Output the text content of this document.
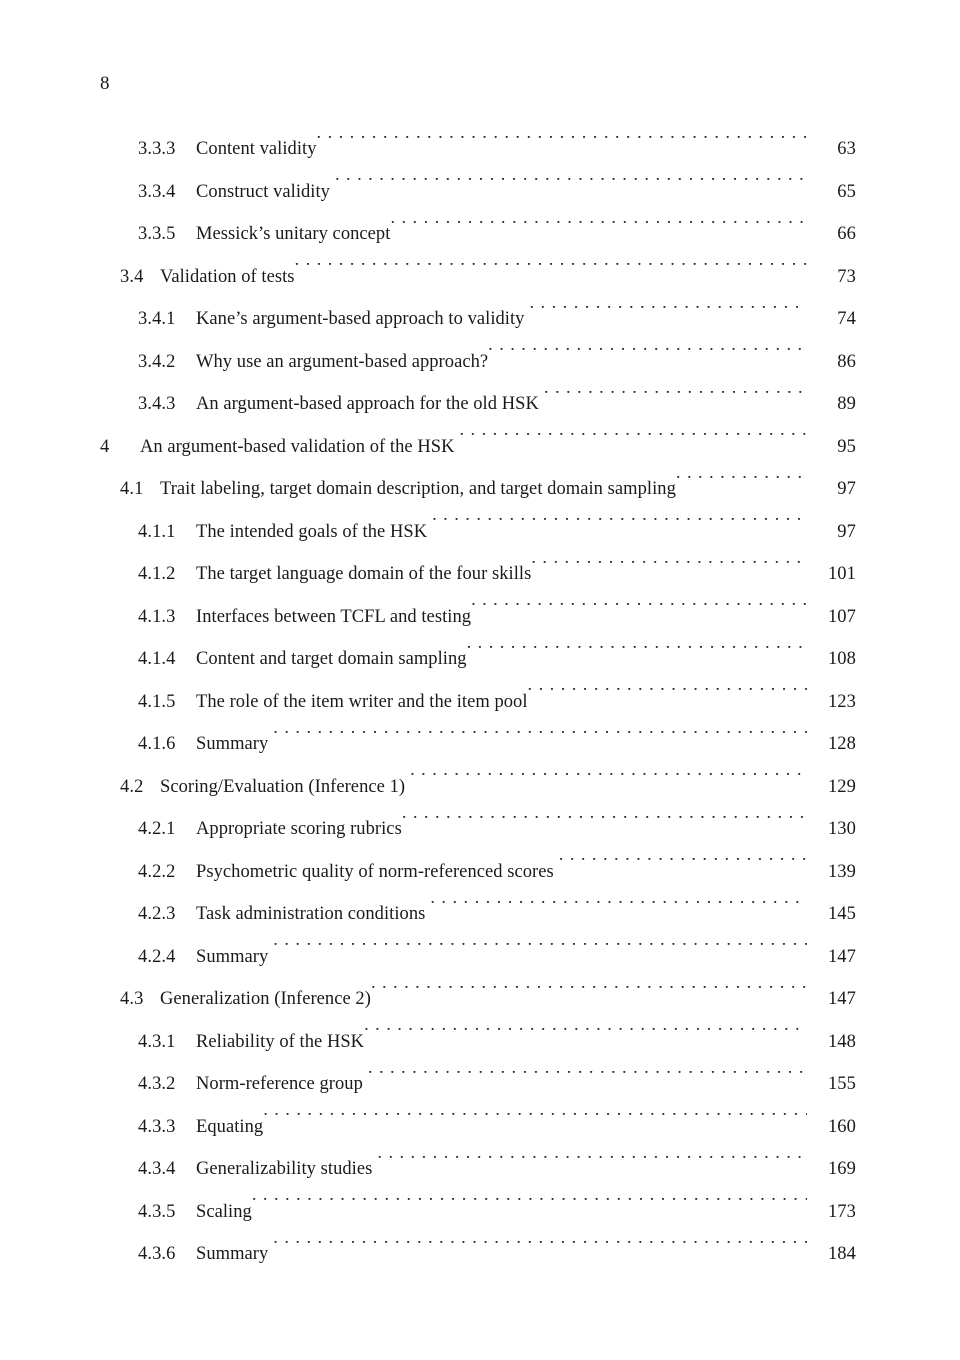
8
3.3.3	Content validity . . .	63
3.3.4	Construct validity . . .	65
3.3.5	Messick’s unitary concept . . .	66
3.4 Validation of tests . . .	73
3.4.1	Kane’s argument-based approach to validity . . .	74
3.4.2	Why use an argument-based approach? . . .	86
3.4.3	An argument-based approach for the old HSK . . .	89
4	An argument-based validation of the HSK . . .	95
4.1 Trait labeling, target domain description, and target domain sampling . . .	97
4.1.1	The intended goals of the HSK . . .	97
4.1.2	The target language domain of the four skills . . .	101
4.1.3	Interfaces between TCFL and testing . . .	107
4.1.4	Content and target domain sampling . . .	108
4.1.5	The role of the item writer and the item pool . . .	123
4.1.6	Summary . . .	128
4.2 Scoring/Evaluation (Inference 1) . . .	129
4.2.1	Appropriate scoring rubrics . . .	130
4.2.2	Psychometric quality of norm-referenced scores . . .	139
4.2.3	Task administration conditions . . .	145
4.2.4	Summary . . .	147
4.3 Generalization (Inference 2) . . .	147
4.3.1	Reliability of the HSK . . .	148
4.3.2	Norm-reference group . . .	155
4.3.3	Equating . . .	160
4.3.4	Generalizability studies . . .	169
4.3.5	Scaling . . .	173
4.3.6	Summary . . .	184
